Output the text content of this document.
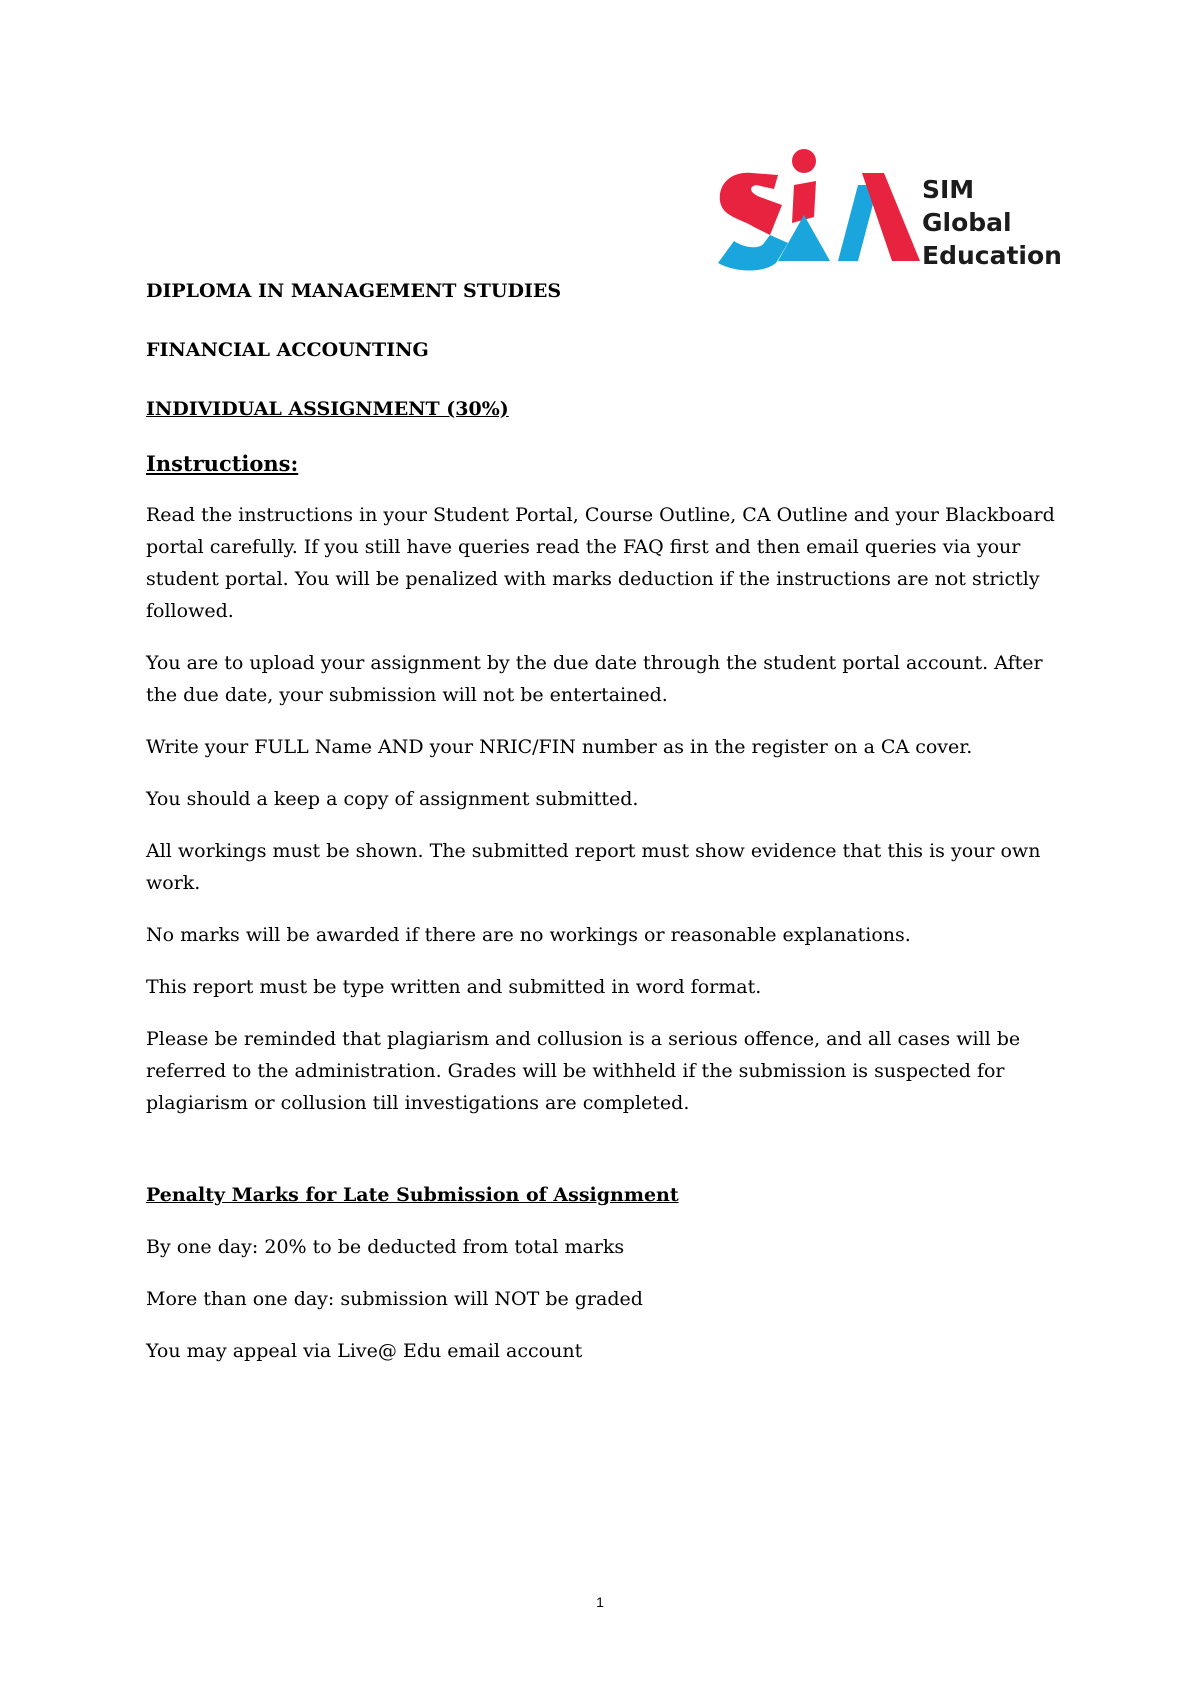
SIM
Global
Education

DIPLOMA IN MANAGEMENT STUDIES

FINANCIAL ACCOUNTING

INDIVIDUAL ASSIGNMENT (30%)

Instructions:

Read the instructions in your Student Portal, Course Outline, CA Outline and your Blackboard portal carefully. If you still have queries read the FAQ first and then email queries via your student portal. You will be penalized with marks deduction if the instructions are not strictly followed.

You are to upload your assignment by the due date through the student portal account. After the due date, your submission will not be entertained.

Write your FULL Name AND your NRIC/FIN number as in the register on a CA cover.

You should a keep a copy of assignment submitted.

All workings must be shown. The submitted report must show evidence that this is your own work.

No marks will be awarded if there are no workings or reasonable explanations.

This report must be type written and submitted in word format.

Please be reminded that plagiarism and collusion is a serious offence, and all cases will be referred to the administration. Grades will be withheld if the submission is suspected for plagiarism or collusion till investigations are completed.

Penalty Marks for Late Submission of Assignment

By one day: 20% to be deducted from total marks

More than one day: submission will NOT be graded

You may appeal via Live@ Edu email account

1
